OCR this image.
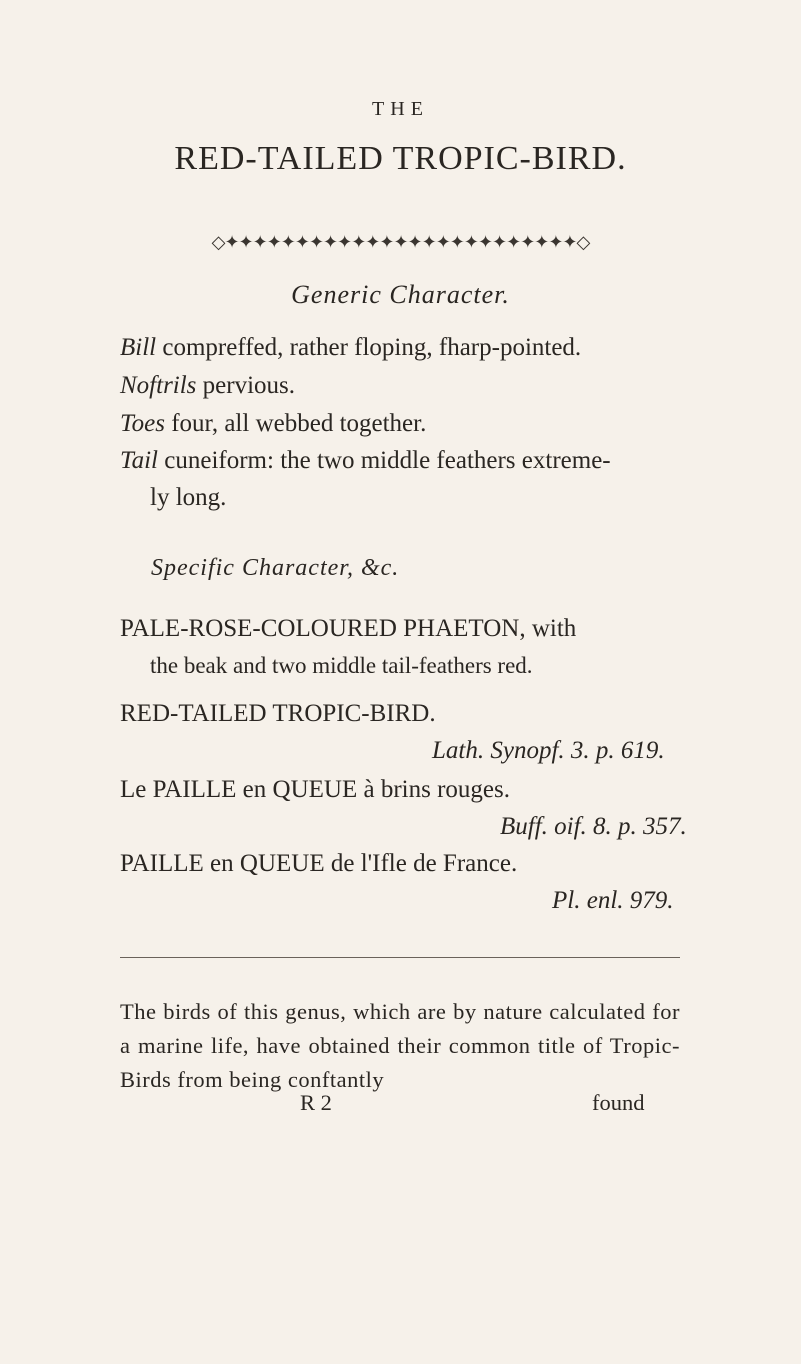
THE
RED-TAILED TROPIC-BIRD.
◇✦✦✦✦✦✦✦✦✦✦✦✦✦✦✦✦✦✦✦✦✦✦✦✦✦◇
Generic Character.
Bill compreffed, rather floping, fharp-pointed.
Noftrils pervious.
Toes four, all webbed together.
Tail cuneiform: the two middle feathers extreme-
ly long.
Specific Character, &c.
PALE-ROSE-COLOURED PHAETON, with
the beak and two middle tail-feathers red.
RED-TAILED TROPIC-BIRD.
Lath. Synopf. 3. p. 619.
Le PAILLE en QUEUE à brins rouges.
Buff. oif. 8. p. 357.
PAILLE en QUEUE de l'Ifle de France.
Pl. enl. 979.
The birds of this genus, which are by nature calculated for a marine life, have obtained their common title of Tropic-Birds from being conftantly
R 2	found
